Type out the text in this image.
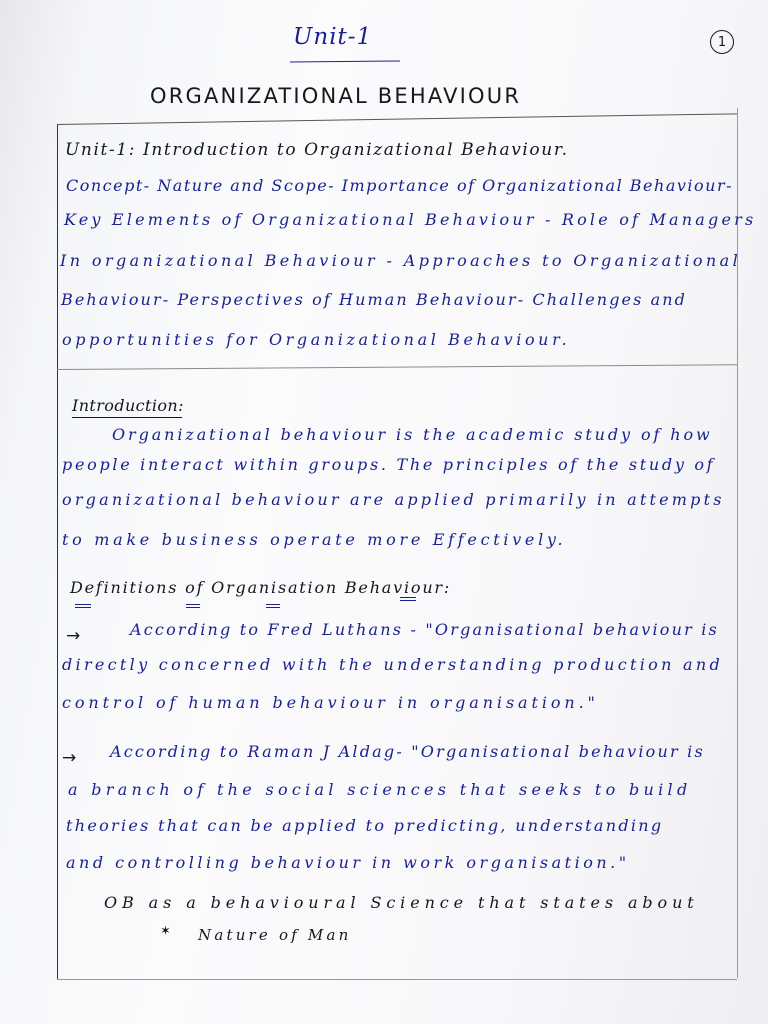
Unit-1	1
ORGANIZATIONAL BEHAVIOUR
Unit-1: Introduction to Organizational Behaviour.
Concept- Nature and Scope- Importance of Organizational Behaviour-
Key Elements of Organizational Behaviour - Role of Managers
In organizational Behaviour - Approaches to Organizational
Behaviour- Perspectives of Human Behaviour- Challenges and
opportunities for Organizational Behaviour.
Introduction:
Organizational behaviour is the academic study of how
people interact within groups. The principles of the study of
organizational behaviour are applied primarily in attempts
to make business operate more Effectively.
Definitions of Organisation Behaviour:
→	According to Fred Luthans - "Organisational behaviour is
directly concerned with the understanding production and
control of human behaviour in organisation."
→ According to Raman J Aldag- "Organisational behaviour is
a branch of the social sciences that seeks to build
theories that can be applied to predicting, understanding
and controlling behaviour in work organisation."
OB as a behavioural Science that states about
✶ Nature of Man
